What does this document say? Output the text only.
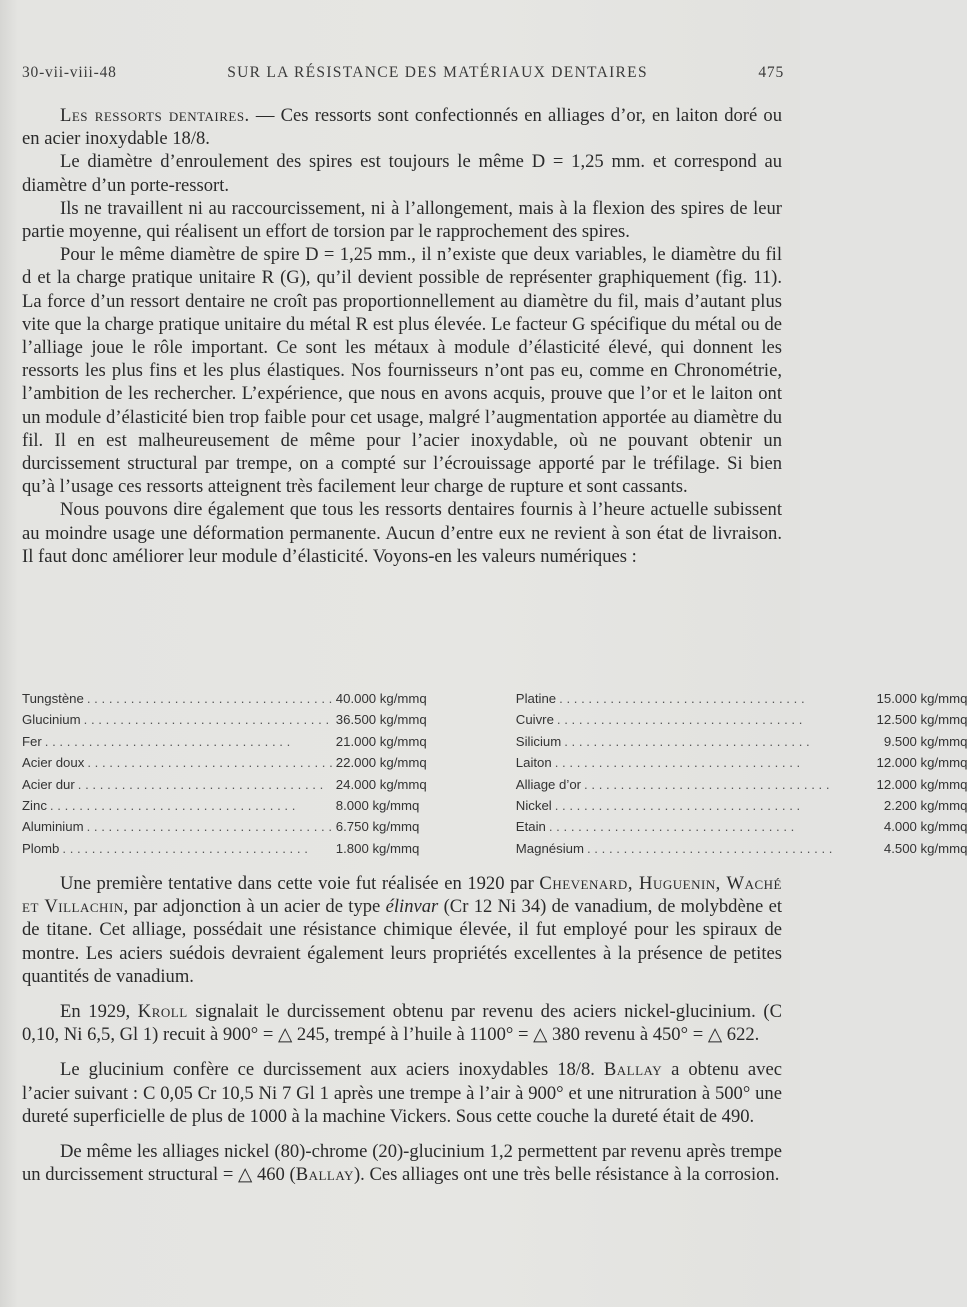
30-vii-viii-48	SUR LA RÉSISTANCE DES MATÉRIAUX DENTAIRES	475

Les ressorts dentaires. — Ces ressorts sont confectionnés en alliages d’or, en laiton doré ou en acier inoxydable 18/8.

Le diamètre d’enroulement des spires est toujours le même D = 1,25 mm. et correspond au diamètre d’un porte-ressort.

Ils ne travaillent ni au raccourcissement, ni à l’allongement, mais à la flexion des spires de leur partie moyenne, qui réalisent un effort de torsion par le rapprochement des spires.

Pour le même diamètre de spire D = 1,25 mm., il n’existe que deux variables, le diamètre du fil d et la charge pratique unitaire R (G), qu’il devient possible de représenter graphiquement (fig. 11). La force d’un ressort dentaire ne croît pas proportionnellement au diamètre du fil, mais d’autant plus vite que la charge pratique unitaire du métal R est plus élevée. Le facteur G spécifique du métal ou de l’alliage joue le rôle important. Ce sont les métaux à module d’élasticité élevé, qui donnent les ressorts les plus fins et les plus élastiques. Nos fournisseurs n’ont pas eu, comme en Chronométrie, l’ambition de les rechercher. L’expérience, que nous en avons acquis, prouve que l’or et le laiton ont un module d’élasticité bien trop faible pour cet usage, malgré l’augmentation apportée au diamètre du fil. Il en est malheureusement de même pour l’acier inoxydable, où ne pouvant obtenir un durcissement structural par trempe, on a compté sur l’écrouissage apporté par le tréfilage. Si bien qu’à l’usage ces ressorts atteignent très facilement leur charge de rupture et sont cassants.

Nous pouvons dire également que tous les ressorts dentaires fournis à l’heure actuelle subissent au moindre usage une déformation permanente. Aucun d’entre eux ne revient à son état de livraison. Il faut donc améliorer leur module d’élasticité. Voyons-en les valeurs numériques :

Tungstène . . .	40.000 kg/mmq
Glucinium . . .	36.500 kg/mmq
Fer . . .	21.000 kg/mmq
Acier doux . . .	22.000 kg/mmq
Acier dur . . .	24.000 kg/mmq
Zinc . . .	8.000 kg/mmq
Aluminium . . .	6.750 kg/mmq
Plomb . . .	1.800 kg/mmq
Platine . . .	15.000 kg/mmq
Cuivre . . .	12.500 kg/mmq
Silicium . . .	9.500 kg/mmq
Laiton . . .	12.000 kg/mmq
Alliage d’or . . .	12.000 kg/mmq
Nickel . . .	2.200 kg/mmq
Etain . . .	4.000 kg/mmq
Magnésium . . .	4.500 kg/mmq

Une première tentative dans cette voie fut réalisée en 1920 par Chevenard, Huguenin, Waché et Villachin, par adjonction à un acier de type élinvar (Cr 12 Ni 34) de vanadium, de molybdène et de titane. Cet alliage, possédait une résistance chimique élevée, il fut employé pour les spiraux de montre. Les aciers suédois devraient également leurs propriétés excellentes à la présence de petites quantités de vanadium.

En 1929, Kroll signalait le durcissement obtenu par revenu des aciers nickel-glucinium. (C 0,10, Ni 6,5, Gl 1) recuit à 900° = △ 245, trempé à l’huile à 1100° = △ 380 revenu à 450° = △ 622.

Le glucinium confère ce durcissement aux aciers inoxydables 18/8. Ballay a obtenu avec l’acier suivant : C 0,05 Cr 10,5 Ni 7 Gl 1 après une trempe à l’air à 900° et une nitruration à 500° une dureté superficielle de plus de 1000 à la machine Vickers. Sous cette couche la dureté était de 490.

De même les alliages nickel (80)-chrome (20)-glucinium 1,2 permettent par revenu après trempe un durcissement structural = △ 460 (Ballay). Ces alliages ont une très belle résistance à la corrosion.
